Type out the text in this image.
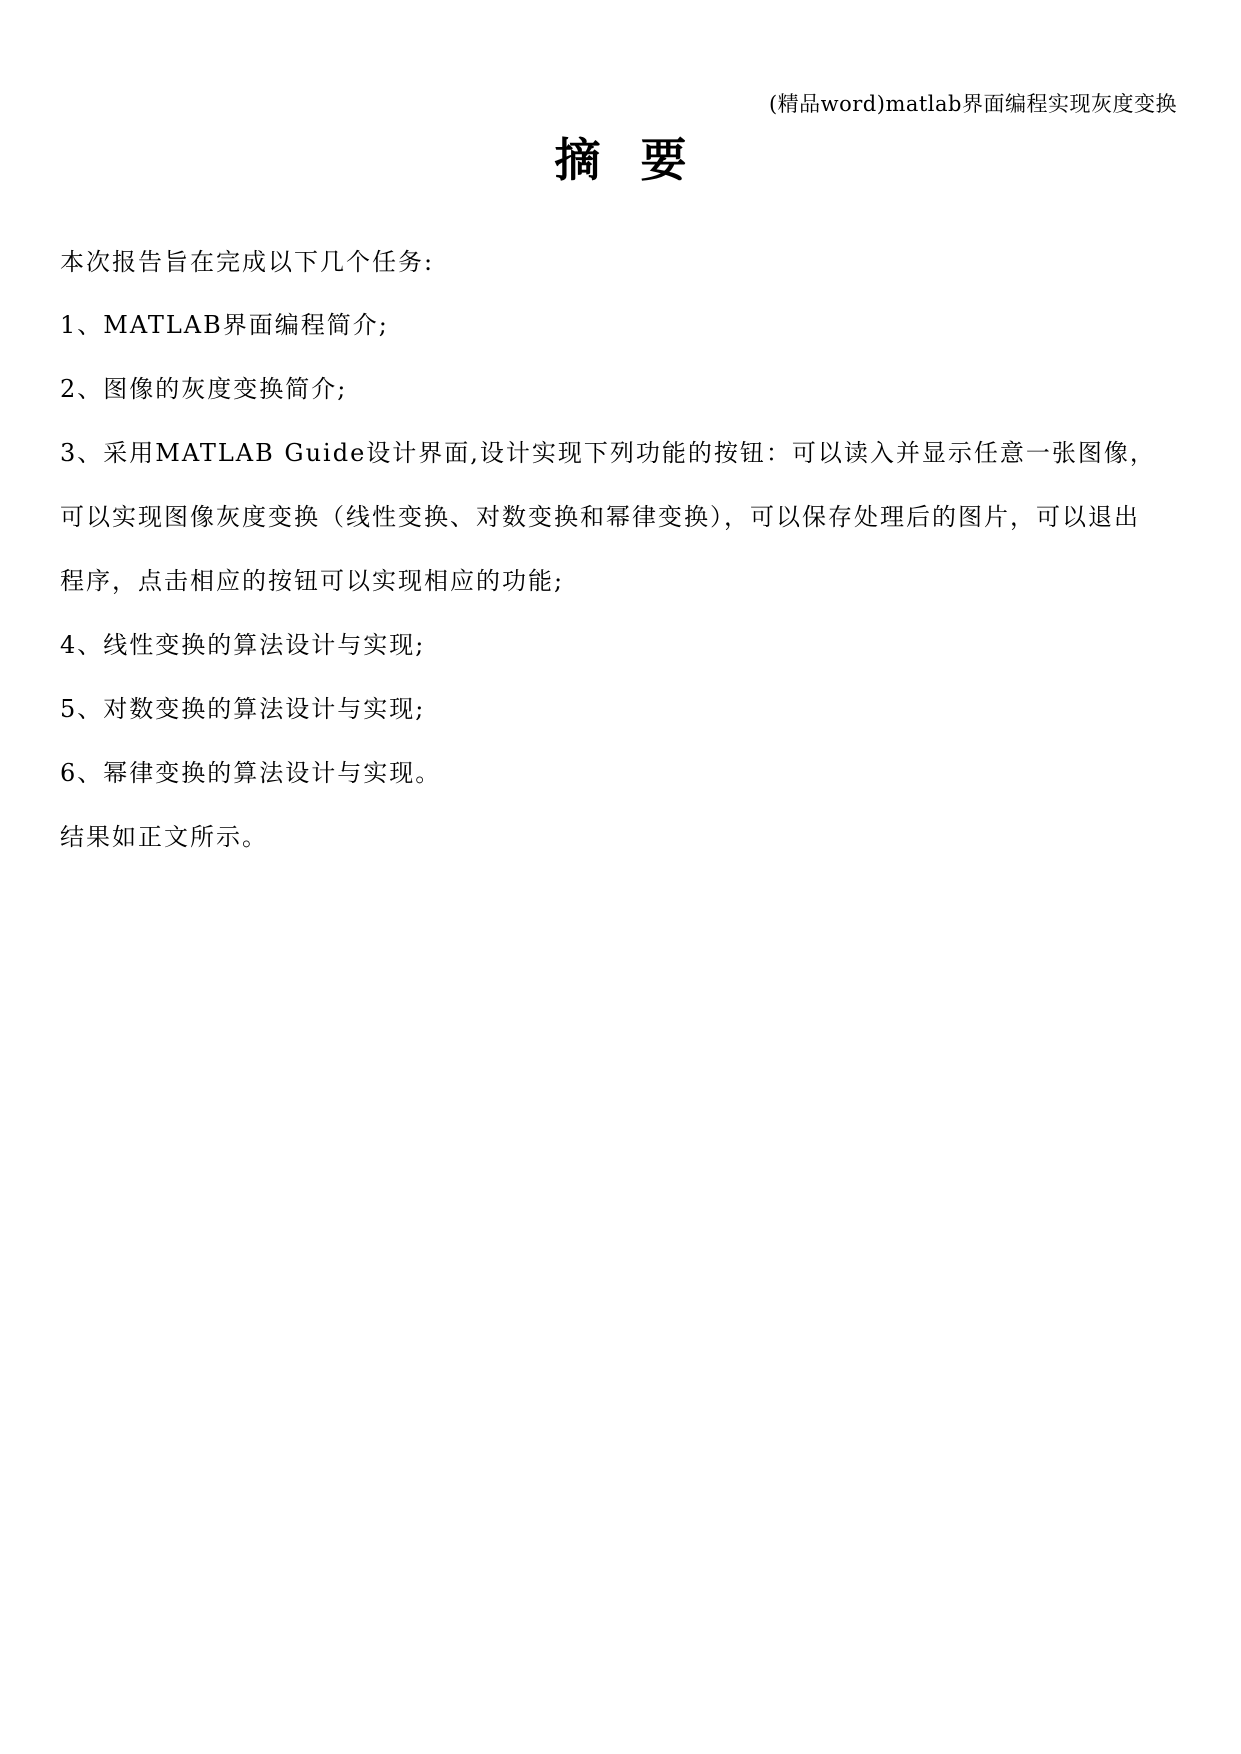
(精品word)matlab界面编程实现灰度变换
摘要
本次报告旨在完成以下几个任务:
1、MATLAB界面编程简介;
2、图像的灰度变换简介;
3、采用MATLAB Guide设计界面,设计实现下列功能的按钮：可以读入并显示任意一张图像，
可以实现图像灰度变换（线性变换、对数变换和幂律变换），可以保存处理后的图片，可以退出
程序，点击相应的按钮可以实现相应的功能;
4、线性变换的算法设计与实现;
5、对数变换的算法设计与实现;
6、幂律变换的算法设计与实现。
结果如正文所示。
